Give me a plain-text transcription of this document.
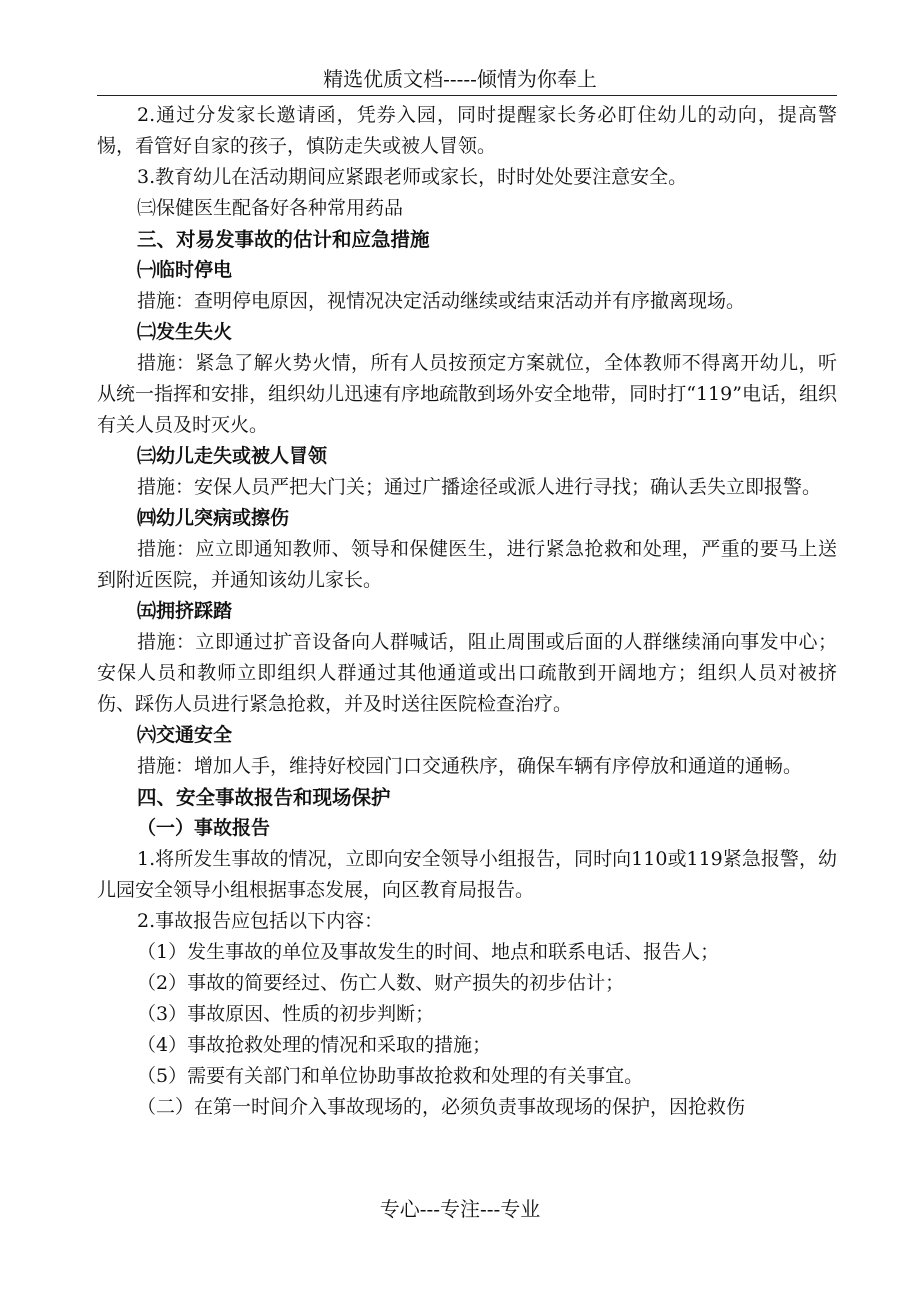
精选优质文档-----倾情为你奉上

2.通过分发家长邀请函，凭券入园，同时提醒家长务必盯住幼儿的动向，提高警惕，看管好自家的孩子，慎防走失或被人冒领。

3.教育幼儿在活动期间应紧跟老师或家长，时时处处要注意安全。

㈢保健医生配备好各种常用药品

三、对易发事故的估计和应急措施

㈠临时停电

措施：查明停电原因，视情况决定活动继续或结束活动并有序撤离现场。

㈡发生失火

措施：紧急了解火势火情，所有人员按预定方案就位，全体教师不得离开幼儿，听从统一指挥和安排，组织幼儿迅速有序地疏散到场外安全地带，同时打“119”电话，组织有关人员及时灭火。

㈢幼儿走失或被人冒领

措施：安保人员严把大门关；通过广播途径或派人进行寻找；确认丢失立即报警。

㈣幼儿突病或擦伤

措施：应立即通知教师、领导和保健医生，进行紧急抢救和处理，严重的要马上送到附近医院，并通知该幼儿家长。

㈤拥挤踩踏

措施：立即通过扩音设备向人群喊话，阻止周围或后面的人群继续涌向事发中心；安保人员和教师立即组织人群通过其他通道或出口疏散到开阔地方；组织人员对被挤伤、踩伤人员进行紧急抢救，并及时送往医院检查治疗。

㈥交通安全

措施：增加人手，维持好校园门口交通秩序，确保车辆有序停放和通道的通畅。

四、安全事故报告和现场保护

（一）事故报告

1.将所发生事故的情况，立即向安全领导小组报告，同时向110或119紧急报警，幼儿园安全领导小组根据事态发展，向区教育局报告。

2.事故报告应包括以下内容：

（1）发生事故的单位及事故发生的时间、地点和联系电话、报告人；

（2）事故的简要经过、伤亡人数、财产损失的初步估计；

（3）事故原因、性质的初步判断；

（4）事故抢救处理的情况和采取的措施；

（5）需要有关部门和单位协助事故抢救和处理的有关事宜。

（二）在第一时间介入事故现场的，必须负责事故现场的保护，因抢救伤

专心---专注---专业
